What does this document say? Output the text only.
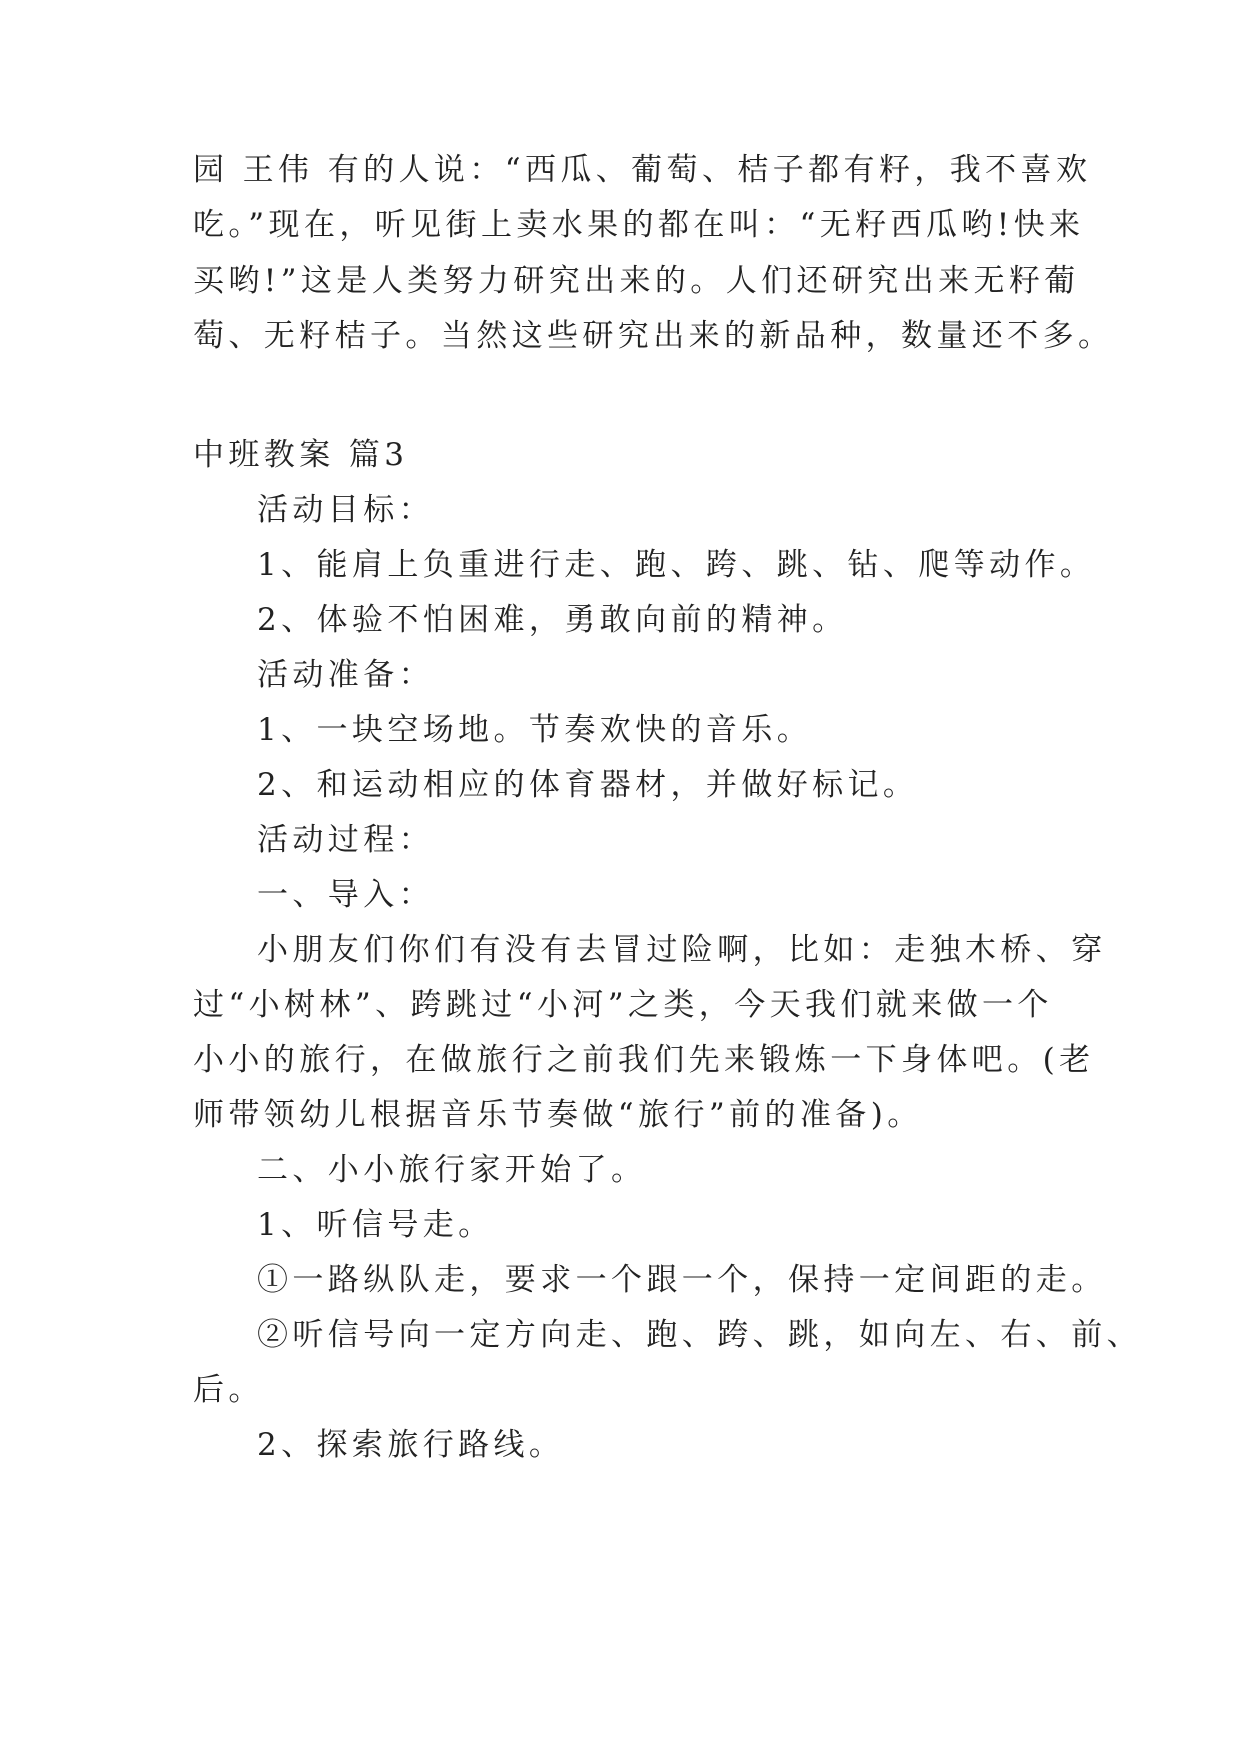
园 王伟 有的人说：“西瓜、葡萄、桔子都有籽，我不喜欢
吃。”现在，听见街上卖水果的都在叫：“无籽西瓜哟!快来
买哟!”这是人类努力研究出来的。人们还研究出来无籽葡
萄、无籽桔子。当然这些研究出来的新品种，数量还不多。
中班教案 篇3
活动目标：
1、能肩上负重进行走、跑、跨、跳、钻、爬等动作。
2、体验不怕困难，勇敢向前的精神。
活动准备：
1、一块空场地。节奏欢快的音乐。
2、和运动相应的体育器材，并做好标记。
活动过程：
一、导入：
小朋友们你们有没有去冒过险啊，比如：走独木桥、穿
过“小树林”、跨跳过“小河”之类，今天我们就来做一个
小小的旅行，在做旅行之前我们先来锻炼一下身体吧。(老
师带领幼儿根据音乐节奏做“旅行”前的准备)。
二、小小旅行家开始了。
1、听信号走。
①一路纵队走，要求一个跟一个，保持一定间距的走。
②听信号向一定方向走、跑、跨、跳，如向左、右、前、
后。
2、探索旅行路线。
